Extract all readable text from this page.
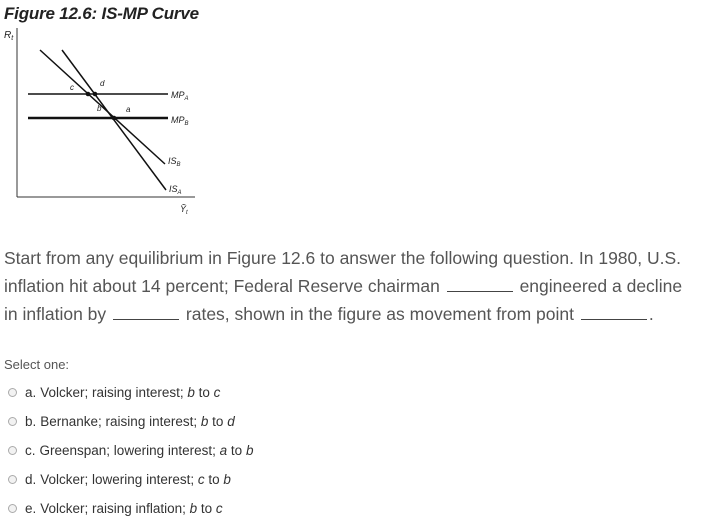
Figure 12.6: IS-MP Curve
$R_t$
$MP_A$
$MP_B$
$IS_B$
$IS_A$
Ỹ$_t$
c	d
b	a
Start from any equilibrium in Figure 12.6 to answer the following question. In 1980, U.S. inflation hit about 14 percent; Federal Reserve chairman	engineered a decline in inflation by	rates, shown in the figure as movement from point	.
Select one:
a. Volcker; raising interest;
b
to
c
b. Bernanke; raising interest;
b
to
d
c. Greenspan; lowering interest;
a
to
b
d. Volcker; lowering interest;
c
to
b
e. Volcker; raising inflation;
b
to
c
